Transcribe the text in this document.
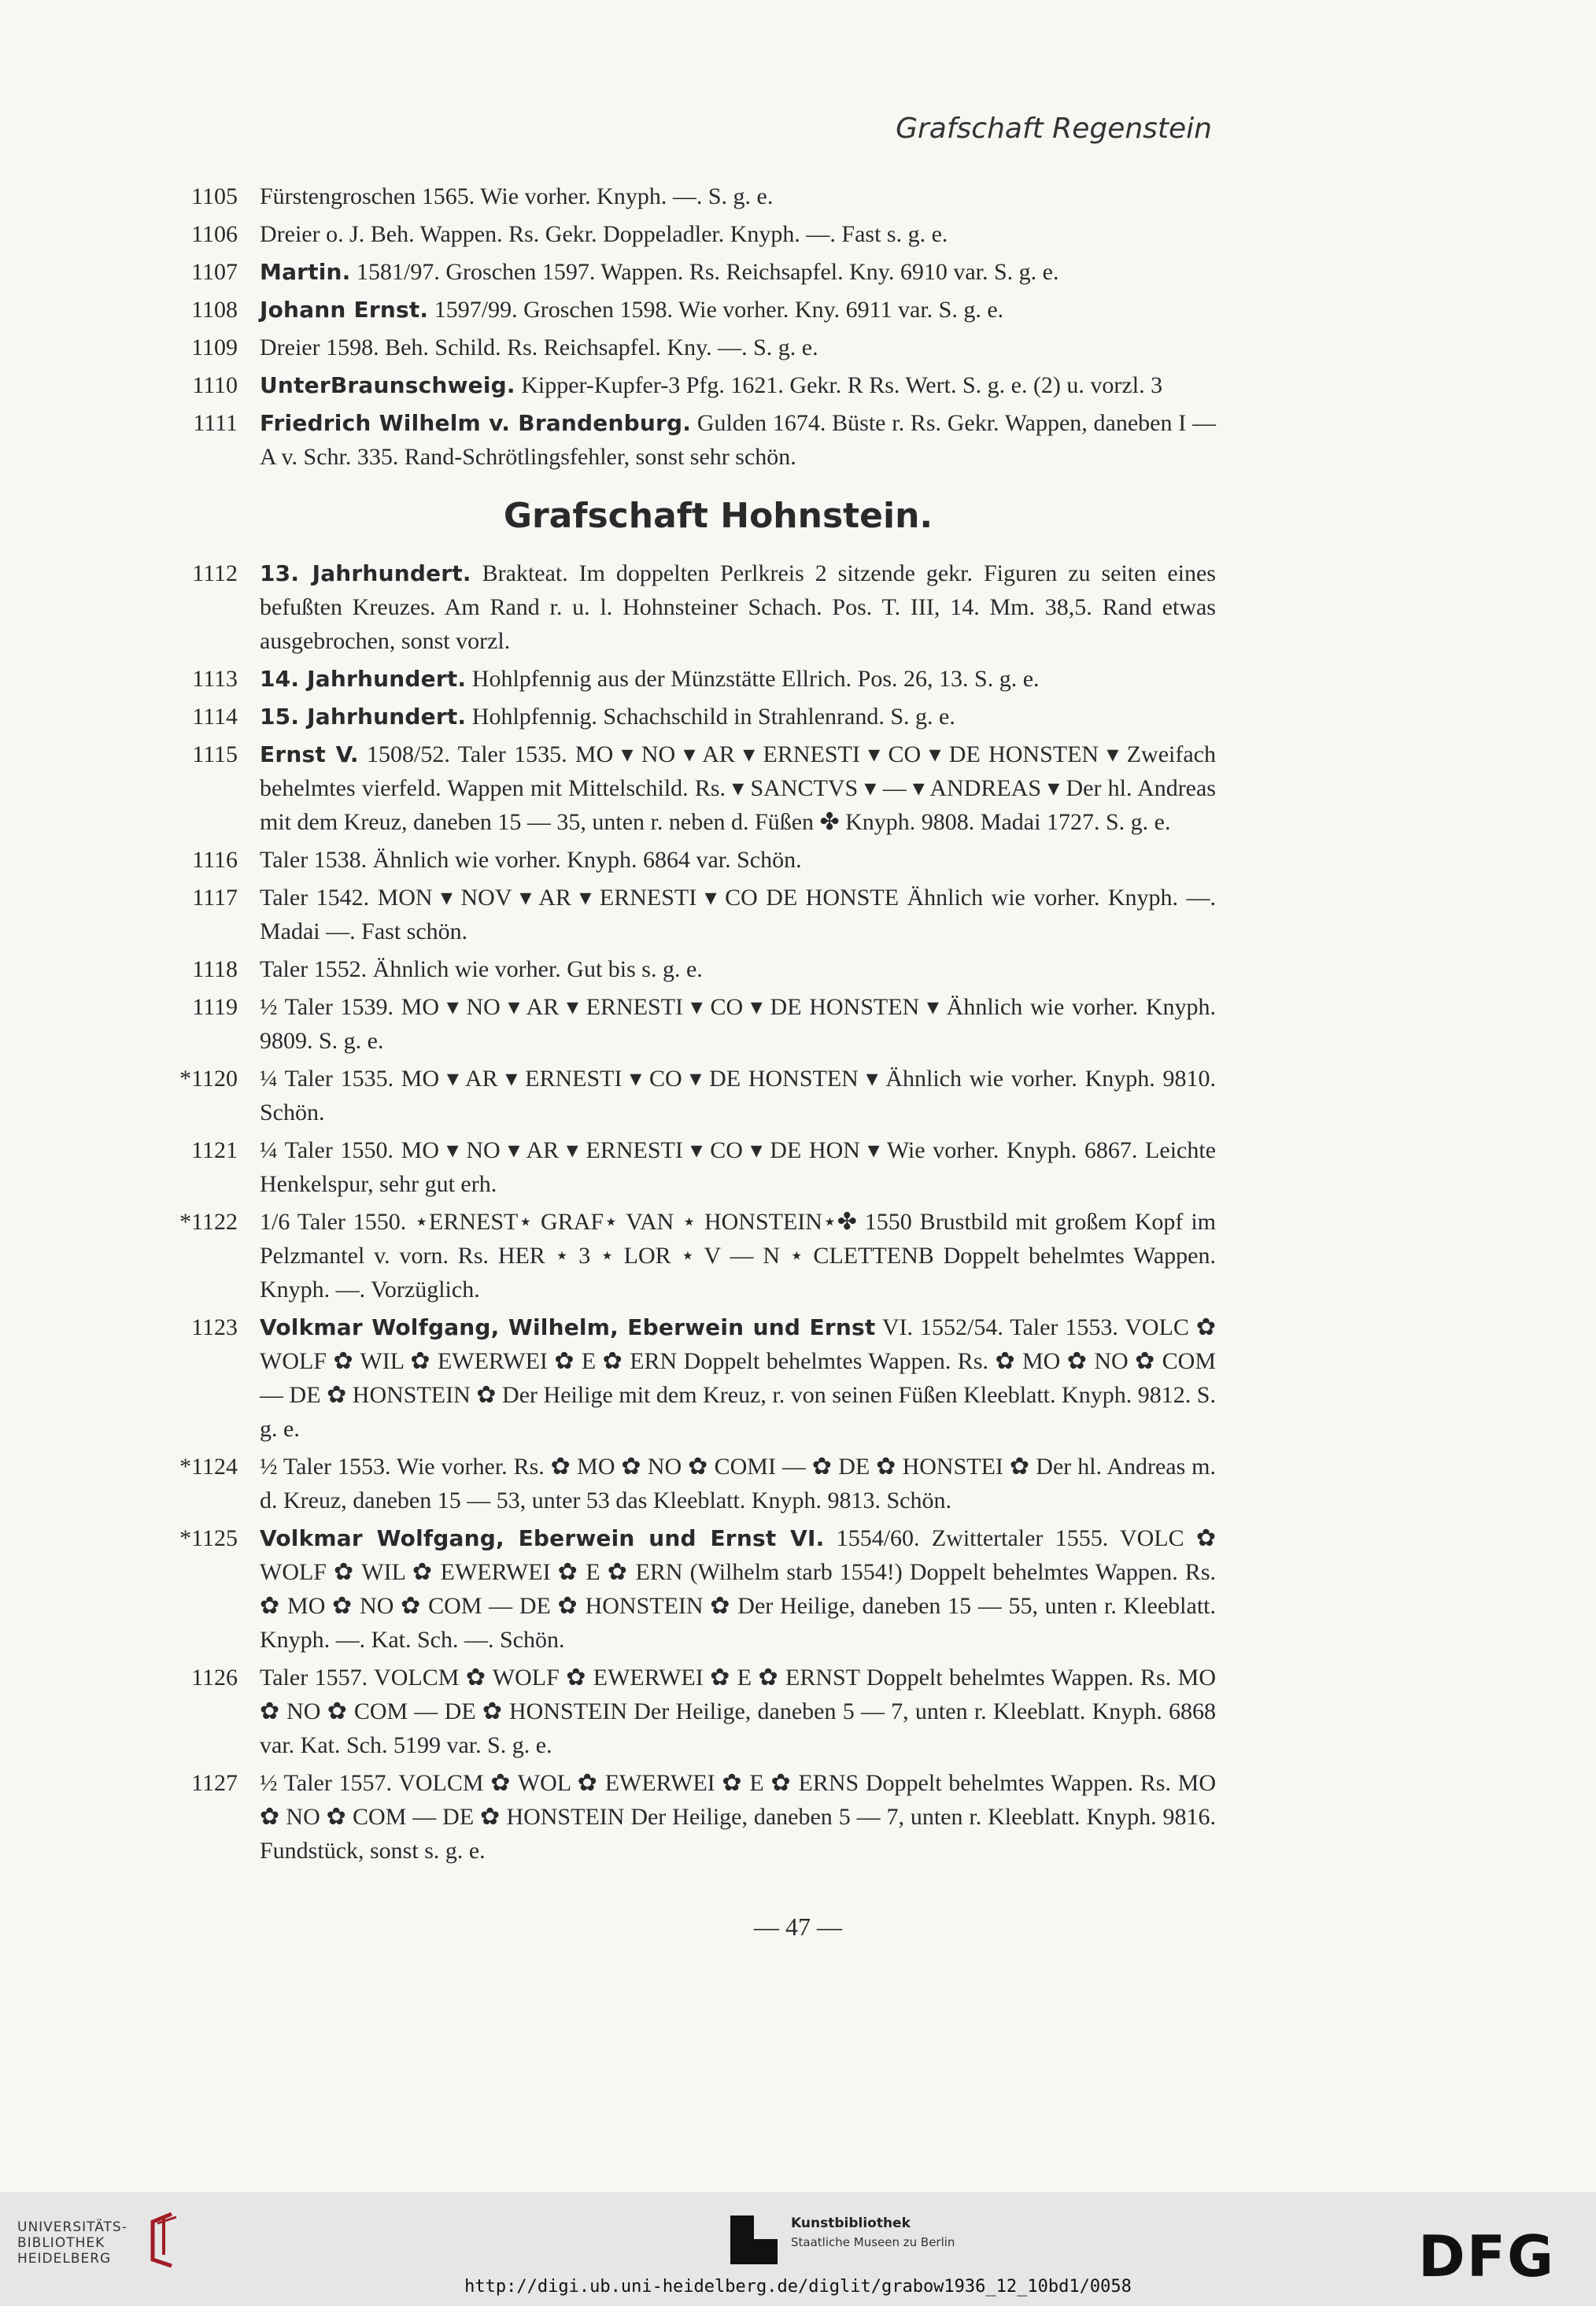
Grafschaft Regenstein
1105 Fürstengroschen 1565. Wie vorher. Knyph. —. S. g. e.
1106 Dreier o. J. Beh. Wappen. Rs. Gekr. Doppeladler. Knyph. —. Fast s. g. e.
1107	Martin. 1581/97. Groschen 1597. Wappen. Rs. Reichsapfel. Kny. 6910 var. S. g. e.
1108	Johann Ernst. 1597/99. Groschen 1598. Wie vorher. Kny. 6911 var. S. g. e.
1109 Dreier 1598. Beh. Schild. Rs. Reichsapfel. Kny. —. S. g. e.
1110	UnterBraunschweig. Kipper-Kupfer-3 Pfg. 1621. Gekr. R Rs. Wert. S. g. e. (2) u. vorzl. 3
1111	Friedrich Wilhelm v. Brandenburg. Gulden 1674. Büste r. Rs. Gekr. Wappen, daneben I — A v. Schr. 335. Rand-Schrötlingsfehler, sonst sehr schön.
Grafschaft Hohnstein.
1112	13. Jahrhundert. Brakteat. Im doppelten Perlkreis 2 sitzende gekr. Figuren zu seiten eines befußten Kreuzes. Am Rand r. u. l. Hohnsteiner Schach. Pos. T. III, 14. Mm. 38,5. Rand etwas ausgebrochen, sonst vorzl.
1113	14. Jahrhundert. Hohlpfennig aus der Münzstätte Ellrich. Pos. 26, 13. S. g. e.
1114	15. Jahrhundert. Hohlpfennig. Schachschild in Strahlenrand. S. g. e.
1115	Ernst V. 1508/52. Taler 1535. MO ▾ NO ▾ AR ▾ ERNESTI ▾ CO ▾ DE HONSTEN ▾ Zweifach behelmtes vierfeld. Wappen mit Mittelschild. Rs. ▾ SANCTVS ▾ — ▾ ANDREAS ▾ Der hl. Andreas mit dem Kreuz, daneben 15 — 35, unten r. neben d. Füßen ✤ Knyph. 9808. Madai 1727. S. g. e.
1116 Taler 1538. Ähnlich wie vorher. Knyph. 6864 var. Schön.
1117 Taler 1542. MON ▾ NOV ▾ AR ▾ ERNESTI ▾ CO DE HONSTE Ähnlich wie vorher. Knyph. —. Madai —. Fast schön.
1118 Taler 1552. Ähnlich wie vorher. Gut bis s. g. e.
1119 ½ Taler 1539. MO ▾ NO ▾ AR ▾ ERNESTI ▾ CO ▾ DE HONSTEN ▾ Ähnlich wie vorher. Knyph. 9809. S. g. e.
*1120 ¼ Taler 1535. MO ▾ AR ▾ ERNESTI ▾ CO ▾ DE HONSTEN ▾ Ähnlich wie vorher. Knyph. 9810. Schön.
1121 ¼ Taler 1550. MO ▾ NO ▾ AR ▾ ERNESTI ▾ CO ▾ DE HON ▾ Wie vorher. Knyph. 6867. Leichte Henkelspur, sehr gut erh.
*1122 1/6 Taler 1550. ⋆ERNEST⋆ GRAF⋆ VAN ⋆ HONSTEIN⋆✤ 1550 Brustbild mit großem Kopf im Pelzmantel v. vorn. Rs. HER ⋆ 3 ⋆ LOR ⋆ V — N ⋆ CLETTENB Doppelt behelmtes Wappen. Knyph. —. Vorzüglich.
1123	Volkmar Wolfgang, Wilhelm, Eberwein und Ernst VI. 1552/54. Taler 1553. VOLC ✿ WOLF ✿ WIL ✿ EWERWEI ✿ E ✿ ERN Doppelt behelmtes Wappen. Rs. ✿ MO ✿ NO ✿ COM — DE ✿ HONSTEIN ✿ Der Heilige mit dem Kreuz, r. von seinen Füßen Kleeblatt. Knyph. 9812. S. g. e.
*1124 ½ Taler 1553. Wie vorher. Rs. ✿ MO ✿ NO ✿ COMI — ✿ DE ✿ HONSTEI ✿ Der hl. Andreas m. d. Kreuz, daneben 15 — 53, unter 53 das Kleeblatt. Knyph. 9813. Schön.
*1125	Volkmar Wolfgang, Eberwein und Ernst VI. 1554/60. Zwittertaler 1555. VOLC ✿ WOLF ✿ WIL ✿ EWERWEI ✿ E ✿ ERN (Wilhelm starb 1554!) Doppelt behelmtes Wappen. Rs. ✿ MO ✿ NO ✿ COM — DE ✿ HONSTEIN ✿ Der Heilige, daneben 15 — 55, unten r. Kleeblatt. Knyph. —. Kat. Sch. —. Schön.
1126 Taler 1557. VOLCM ✿ WOLF ✿ EWERWEI ✿ E ✿ ERNST Doppelt behelmtes Wappen. Rs. MO ✿ NO ✿ COM — DE ✿ HONSTEIN Der Heilige, daneben 5 — 7, unten r. Kleeblatt. Knyph. 6868 var. Kat. Sch. 5199 var. S. g. e.
1127 ½ Taler 1557. VOLCM ✿ WOL ✿ EWERWEI ✿ E ✿ ERNS Doppelt behelmtes Wappen. Rs. MO ✿ NO ✿ COM — DE ✿ HONSTEIN Der Heilige, daneben 5 — 7, unten r. Kleeblatt. Knyph. 9816. Fundstück, sonst s. g. e.
— 47 —
UNIVERSITÄTS-
BIBLIOTHEK
HEIDELBERG
Kunstbibliothek
Staatliche Museen zu Berlin	DFG
http://digi.ub.uni-heidelberg.de/diglit/grabow1936_12_10bd1/0058
